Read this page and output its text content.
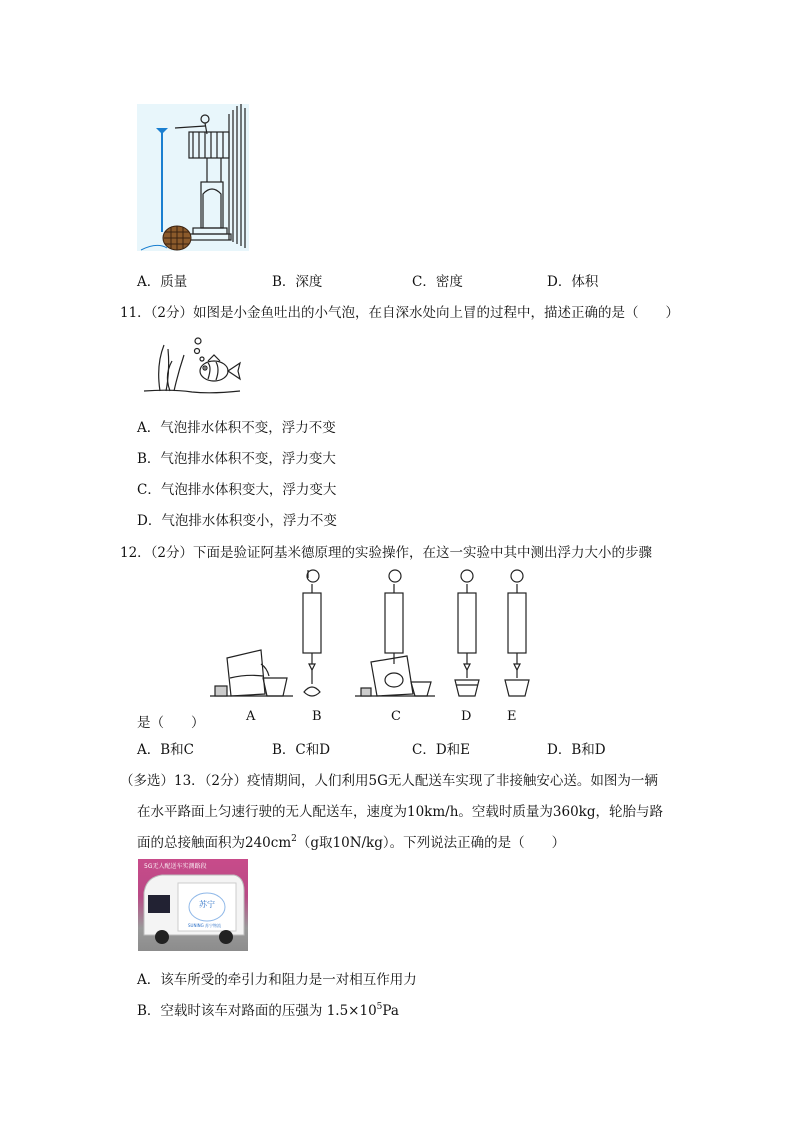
A．质量	B．深度	C．密度	D．体积
11．（2分）如图是小金鱼吐出的小气泡，在自深水处向上冒的过程中，描述正确的是（　　）
A．气泡排水体积不变，浮力不变
B．气泡排水体积不变，浮力变大
C．气泡排水体积变大，浮力变大
D．气泡排水体积变小，浮力不变
12．（2分）下面是验证阿基米德原理的实验操作，在这一实验中其中测出浮力大小的步骤
A	B	C	D	E
是（　　）
A．B和C	B．C和D	C．D和E	D．B和D
（多选）13．（2分）疫情期间，人们利用5G无人配送车实现了非接触安心送。如图为一辆
在水平路面上匀速行驶的无人配送车，速度为10km/h。空载时质量为360kg，轮胎与路
面的总接触面积为$240cm^2(g$取10N/kg）。下列说法正确的是（　　）
5G无人配送车实测路段
苏宁
SUNING 苏宁物流
A．该车所受的牵引力和阻力是一对相互作用力
B．空载时该车对路面的压强为 $1.5\times 10^5Pa$
